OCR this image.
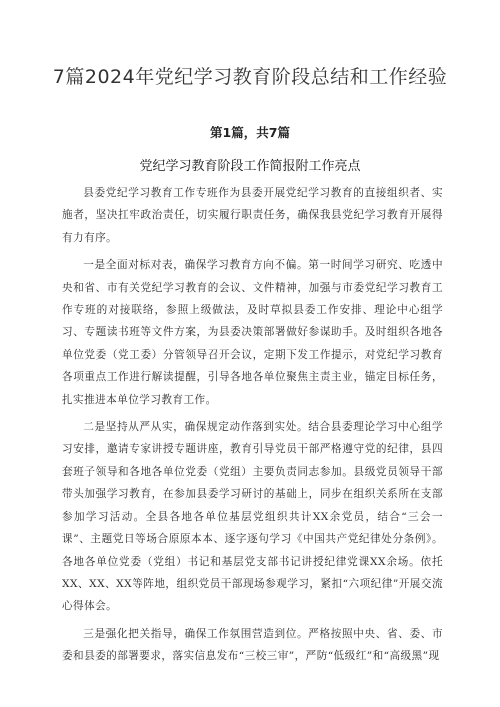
7篇2024年党纪学习教育阶段总结和工作经验
第1篇，共7篇
党纪学习教育阶段工作简报附工作亮点

县委党纪学习教育工作专班作为县委开展党纪学习教育的直接组织者、实施者，坚决扛牢政治责任，切实履行职责任务，确保我县党纪学习教育开展得有力有序。

一是全面对标对表，确保学习教育方向不偏。第一时间学习研究、吃透中央和省、市有关党纪学习教育的会议、文件精神，加强与市委党纪学习教育工作专班的对接联络，参照上级做法，及时草拟县委工作安排、理论中心组学习、专题读书班等文件方案，为县委决策部署做好参谋助手。及时组织各地各单位党委（党工委）分管领导召开会议，定期下发工作提示，对党纪学习教育各项重点工作进行解读提醒，引导各地各单位聚焦主责主业，锚定目标任务，扎实推进本单位学习教育工作。

二是坚持从严从实，确保规定动作落到实处。结合县委理论学习中心组学习安排，邀请专家讲授专题讲座，教育引导党员干部严格遵守党的纪律，县四套班子领导和各地各单位党委（党组）主要负责同志参加。县级党员领导干部带头加强学习教育，在参加县委学习研讨的基础上，同步在组织关系所在支部参加学习活动。全县各地各单位基层党组织共计XX余党员，结合“三会一课”、主题党日等场合原原本本、逐字逐句学习《中国共产党纪律处分条例》。各地各单位党委（党组）书记和基层党支部书记讲授纪律党课XX余场。依托XX、XX、XX等阵地，组织党员干部现场参观学习，紧扣“六项纪律”开展交流心得体会。

三是强化把关指导，确保工作氛围营造到位。严格按照中央、省、委、市委和县委的部署要求，落实信息发布“三校三审”，严防“低级红”和“高级黑”现
